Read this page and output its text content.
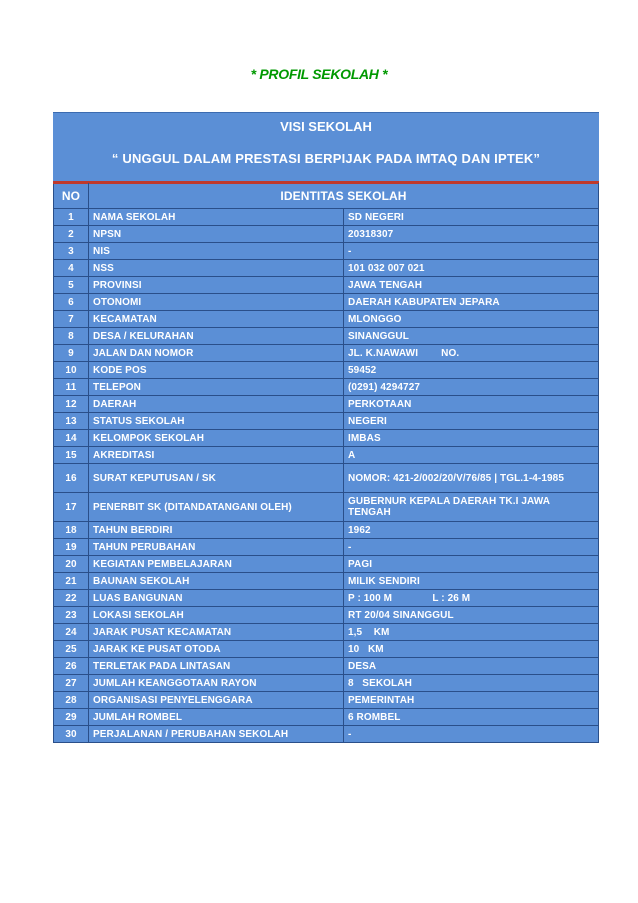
* PROFIL SEKOLAH *
VISI SEKOLAH
“ UNGGUL DALAM PRESTASI BERPIJAK PADA IMTAQ DAN IPTEK”
NO	IDENTITAS SEKOLAH	
1	NAMA SEKOLAH	SD NEGERI
2	NPSN	20318307
3	NIS	-
4	NSS	101 032 007 021
5	PROVINSI	JAWA TENGAH
6	OTONOMI	DAERAH KABUPATEN JEPARA
7	KECAMATAN	MLONGGO
8	DESA / KELURAHAN	SINANGGUL
9	JALAN DAN NOMOR	JL. K.NAWAWI        NO.
10	KODE POS	59452
11	TELEPON	(0291) 4294727
12	DAERAH	PERKOTAAN
13	STATUS SEKOLAH	NEGERI
14	KELOMPOK SEKOLAH	IMBAS
15	AKREDITASI	A
16	SURAT KEPUTUSAN / SK	NOMOR: 421-2/002/20/V/76/85 | TGL.1-4-1985
17	PENERBIT SK (DITANDATANGANI OLEH)	GUBERNUR KEPALA DAERAH TK.I JAWA TENGAH
18	TAHUN BERDIRI	1962
19	TAHUN PERUBAHAN	-
20	KEGIATAN PEMBELAJARAN	PAGI
21	BAUNAN SEKOLAH	MILIK SENDIRI
22	LUAS BANGUNAN	P : 100 M              L : 26 M
23	LOKASI SEKOLAH	RT 20/04 SINANGGUL
24	JARAK PUSAT KECAMATAN	1,5    KM
25	JARAK KE PUSAT OTODA	10   KM
26	TERLETAK PADA LINTASAN	DESA
27	JUMLAH KEANGGOTAAN RAYON	8   SEKOLAH
28	ORGANISASI PENYELENGGARA	PEMERINTAH
29	JUMLAH ROMBEL	6 ROMBEL
30	PERJALANAN / PERUBAHAN SEKOLAH	-
